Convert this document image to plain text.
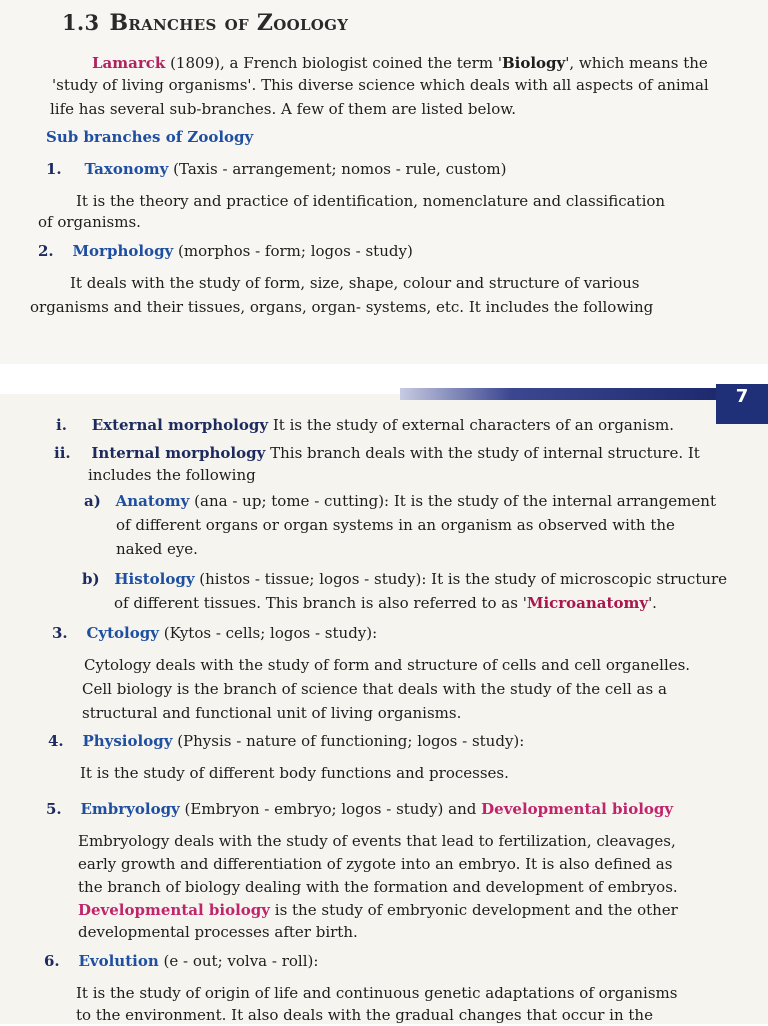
7
1.3 Branches of Zoology
Lamarck (1809), a French biologist coined the term 'Biology', which means the
'study of living organisms'. This diverse science which deals with all aspects of animal
life has several sub-branches. A few of them are listed below.
Sub branches of Zoology
1. Taxonomy (Taxis - arrangement; nomos - rule, custom)
It is the theory and practice of identification, nomenclature and classification
of organisms.
2. Morphology (morphos - form; logos - study)
It deals with the study of form, size, shape, colour and structure of various
organisms and their tissues, organs, organ- systems, etc. It includes the following
i. External morphology It is the study of external characters of an organism.
ii. Internal morphology This branch deals with the study of internal structure. It
includes the following
a) Anatomy (ana - up; tome - cutting): It is the study of the internal arrangement
of different organs or organ systems in an organism as observed with the
naked eye.
b) Histology (histos - tissue; logos - study): It is the study of microscopic structure
of different tissues. This branch is also referred to as 'Microanatomy'.
3. Cytology (Kytos - cells; logos - study):
Cytology deals with the study of form and structure of cells and cell organelles.
Cell biology is the branch of science that deals with the study of the cell as a
structural and functional unit of living organisms.
4. Physiology (Physis - nature of functioning; logos - study):
It is the study of different body functions and processes.
5. Embryology (Embryon - embryo; logos - study) and Developmental biology
Embryology deals with the study of events that lead to fertilization, cleavages,
early growth and differentiation of zygote into an embryo. It is also defined as
the branch of biology dealing with the formation and development of embryos.
Developmental biology is the study of embryonic development and the other
developmental processes after birth.
6. Evolution (e - out; volva - roll):
It is the study of origin of life and continuous genetic adaptations of organisms
to the environment. It also deals with the gradual changes that occur in the
